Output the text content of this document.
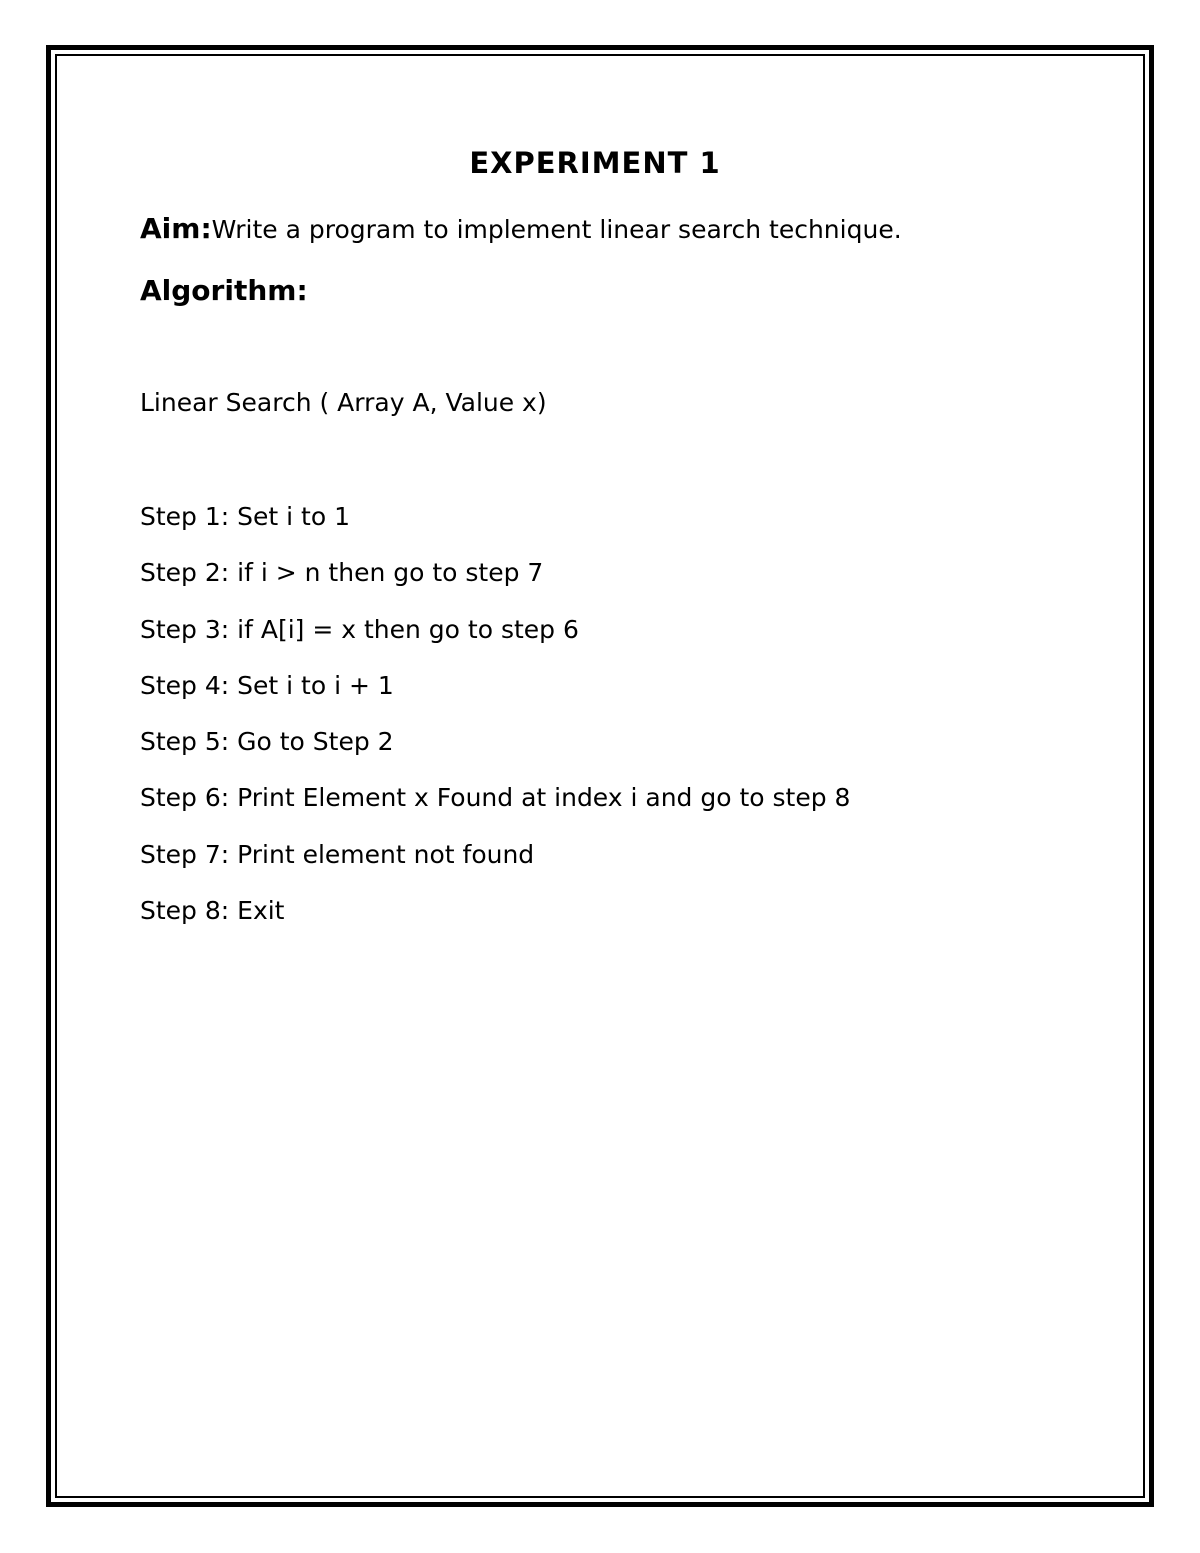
EXPERIMENT 1

Aim:Write a program to implement linear search technique.

Algorithm:

Linear Search ( Array A, Value x)

Step 1: Set i to 1
Step 2: if i > n then go to step 7
Step 3: if A[i] = x then go to step 6
Step 4: Set i to i + 1
Step 5: Go to Step 2
Step 6: Print Element x Found at index i and go to step 8
Step 7: Print element not found
Step 8: Exit
